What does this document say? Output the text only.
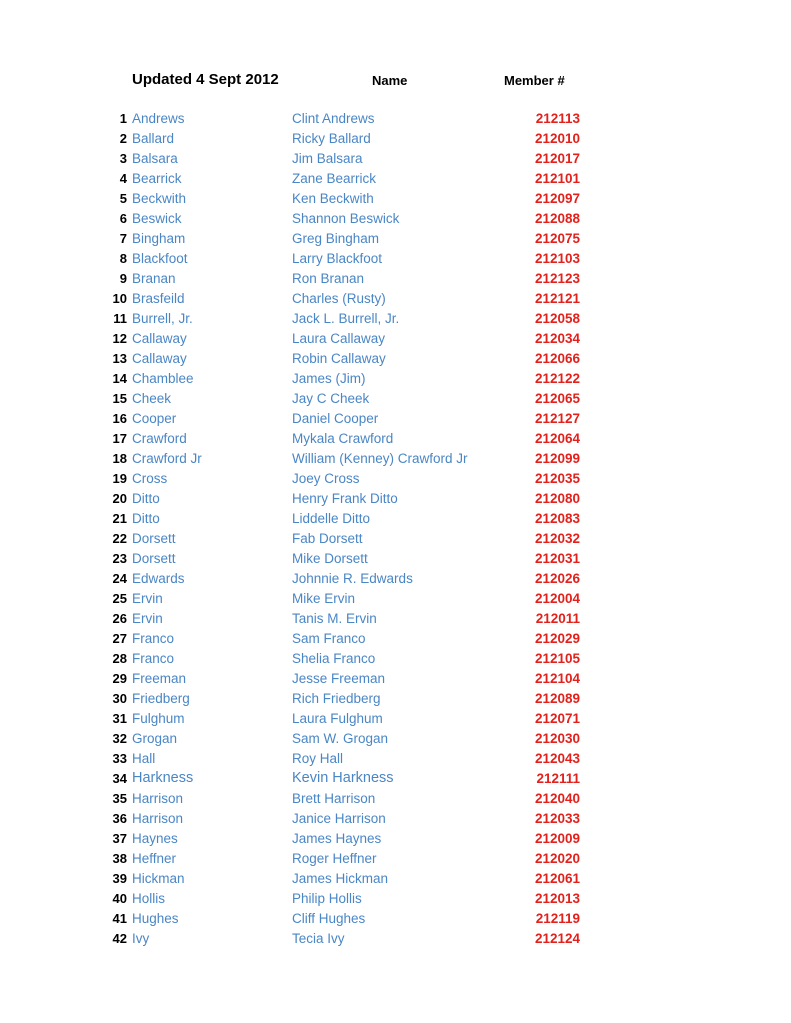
Updated 4 Sept 2012	Name	Member #
1 Andrews	Clint Andrews	212113
2 Ballard	Ricky Ballard	212010
3 Balsara	Jim Balsara	212017
4 Bearrick	Zane Bearrick	212101
5 Beckwith	Ken Beckwith	212097
6 Beswick	Shannon Beswick	212088
7 Bingham	Greg Bingham	212075
8 Blackfoot	Larry Blackfoot	212103
9 Branan	Ron Branan	212123
10 Brasfeild	Charles (Rusty)	212121
11 Burrell, Jr.	Jack L. Burrell, Jr.	212058
12 Callaway	Laura Callaway	212034
13 Callaway	Robin Callaway	212066
14 Chamblee	James (Jim)	212122
15 Cheek	Jay C Cheek	212065
16 Cooper	Daniel Cooper	212127
17 Crawford	Mykala Crawford	212064
18 Crawford Jr	William (Kenney) Crawford Jr	212099
19 Cross	Joey Cross	212035
20 Ditto	Henry Frank Ditto	212080
21 Ditto	Liddelle Ditto	212083
22 Dorsett	Fab Dorsett	212032
23 Dorsett	Mike Dorsett	212031
24 Edwards	Johnnie R. Edwards	212026
25 Ervin	Mike Ervin	212004
26 Ervin	Tanis M. Ervin	212011
27 Franco	Sam Franco	212029
28 Franco	Shelia Franco	212105
29 Freeman	Jesse Freeman	212104
30 Friedberg	Rich Friedberg	212089
31 Fulghum	Laura Fulghum	212071
32 Grogan	Sam W. Grogan	212030
33 Hall	Roy Hall	212043
34 Harkness	Kevin Harkness	212111
35 Harrison	Brett Harrison	212040
36 Harrison	Janice Harrison	212033
37 Haynes	James Haynes	212009
38 Heffner	Roger Heffner	212020
39 Hickman	James Hickman	212061
40 Hollis	Philip Hollis	212013
41 Hughes	Cliff Hughes	212119
42 Ivy	Tecia Ivy	212124
